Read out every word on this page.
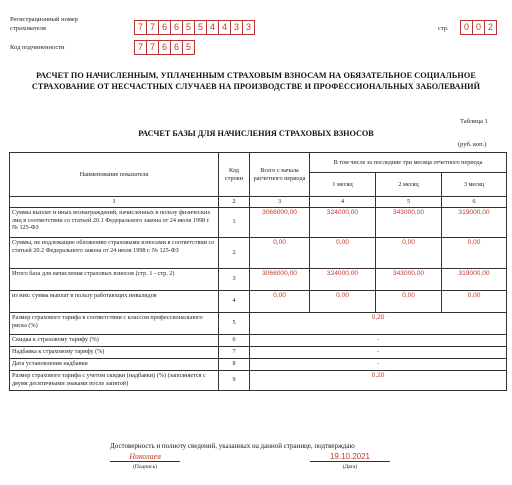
Регистрационный номер страхователя	7 7 6 6 5 5 4 4 3 3	стр.	0 0 2
Код подчиненности	7 7 6 6 5
РАСЧЕТ ПО НАЧИСЛЕННЫМ, УПЛАЧЕННЫМ СТРАХОВЫМ ВЗНОСАМ НА ОБЯЗАТЕЛЬНОЕ СОЦИАЛЬНОЕ СТРАХОВАНИЕ ОТ НЕСЧАСТНЫХ СЛУЧАЕВ НА ПРОИЗВОДСТВЕ И ПРОФЕССИОНАЛЬНЫХ ЗАБОЛЕВАНИЙ
Таблица 1
РАСЧЕТ БАЗЫ ДЛЯ НАЧИСЛЕНИЯ СТРАХОВЫХ ВЗНОСОВ
(руб. коп.)
Наименование показателя	Код строки	Всего с начала расчетного периода	В том числе за последние три месяца отчетного периода		
			1 месяц	2 месяц	3 месяц
1	2	3	4	5	6
Суммы выплат и иных вознаграждений, начисленных в пользу физических лиц в соответствии со статьей 20.1 Федерального закона от 24 июля 1998 г. № 125-ФЗ	1	3066000,00	324000,00	343000,00	319000,00
Суммы, не подлежащие обложению страховыми взносами в соответствии со статьей 20.2 Федерального закона от 24 июля 1998 г. № 125-ФЗ	2	0,00	0,00	0,00	0,00
Итого база для начисления страховых взносов (стр. 1 - стр. 2)	3	3066000,00	324000,00	343000,00	319000,00
из них: сумма выплат в пользу работающих инвалидов	4	0,00	0,00	0,00	0,00
Размер страхового тарифа в соответствии с классом профессионального риска (%)	5	0,20			
Скидка к страховому тарифу (%)	6	-			
Надбавка к страховому тарифу (%)	7	-			
Дата установления надбавки	8	-			
Размер страхового тарифа с учетом скидки (надбавки) (%) (заполняется с двумя десятичными знаками после запятой)	9	0,20			
Достоверность и полноту сведений, указанных на данной странице, подтверждаю
Николаев
(Подпись)
19.10.2021
(Дата)
